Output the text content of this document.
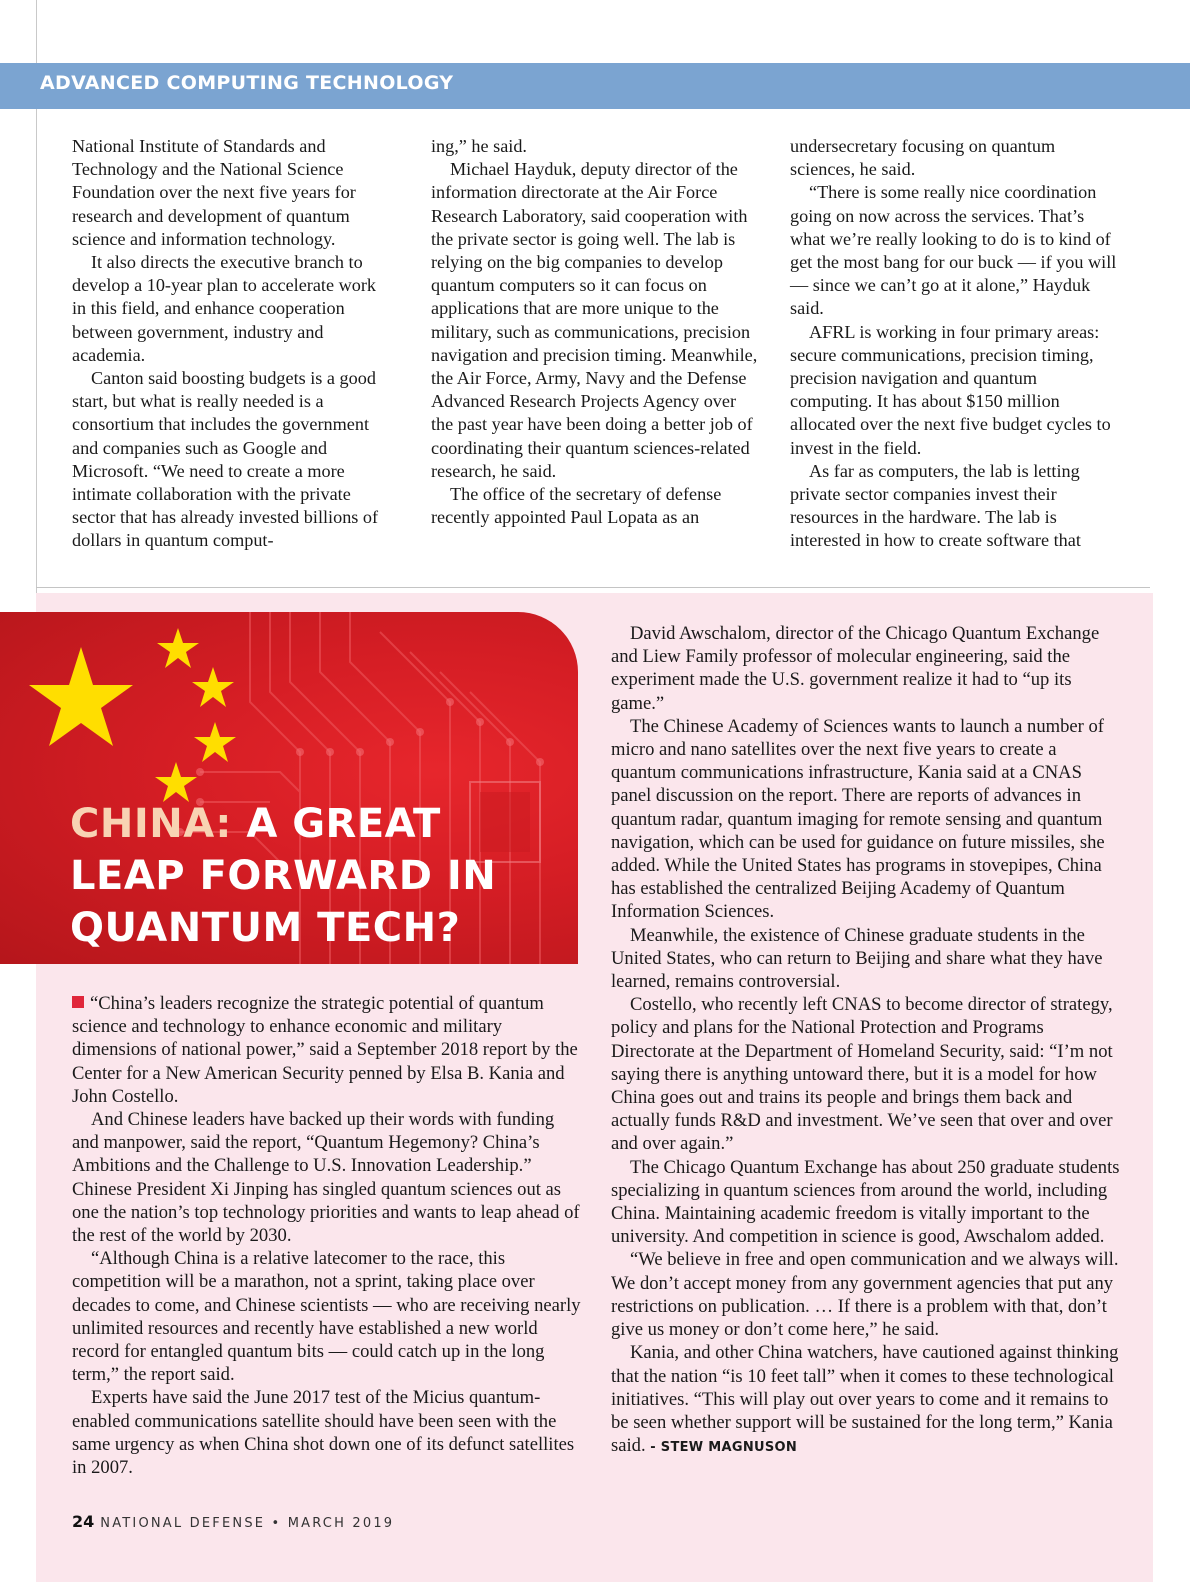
ADVANCED COMPUTING TECHNOLOGY

National Institute of Standards and Technology and the National Science Foundation over the next five years for research and development of quantum science and information technology.

It also directs the executive branch to develop a 10-year plan to accelerate work in this field, and enhance cooperation between government, industry and academia.

Canton said boosting budgets is a good start, but what is really needed is a consortium that includes the government and companies such as Google and Microsoft. “We need to create a more intimate collaboration with the private sector that has already invested billions of dollars in quantum comput-

ing,” he said.

Michael Hayduk, deputy director of the information directorate at the Air Force Research Laboratory, said cooperation with the private sector is going well. The lab is relying on the big companies to develop quantum computers so it can focus on applications that are more unique to the military, such as communications, precision navigation and precision timing. Meanwhile, the Air Force, Army, Navy and the Defense Advanced Research Projects Agency over the past year have been doing a better job of coordinating their quantum sciences-related research, he said.

The office of the secretary of defense recently appointed Paul Lopata as an

undersecretary focusing on quantum sciences, he said.

“There is some really nice coordination going on now across the services. That’s what we’re really looking to do is to kind of get the most bang for our buck — if you will — since we can’t go at it alone,” Hayduk said.

AFRL is working in four primary areas: secure communications, precision timing, precision navigation and quantum computing. It has about $150 million allocated over the next five budget cycles to invest in the field.

As far as computers, the lab is letting private sector companies invest their resources in the hardware. The lab is interested in how to create software that

CHINA: A GREAT LEAP FORWARD IN QUANTUM TECH?

“China’s leaders recognize the strategic potential of quantum science and technology to enhance economic and military dimensions of national power,” said a September 2018 report by the Center for a New American Security penned by Elsa B. Kania and John Costello.

And Chinese leaders have backed up their words with funding and manpower, said the report, “Quantum Hegemony? China’s Ambitions and the Challenge to U.S. Innovation Leadership.” Chinese President Xi Jinping has singled quantum sciences out as one the nation’s top technology priorities and wants to leap ahead of the rest of the world by 2030.

“Although China is a relative latecomer to the race, this competition will be a marathon, not a sprint, taking place over decades to come, and Chinese scientists — who are receiving nearly unlimited resources and recently have established a new world record for entangled quantum bits — could catch up in the long term,” the report said.

Experts have said the June 2017 test of the Micius quantum-enabled communications satellite should have been seen with the same urgency as when China shot down one of its defunct satellites in 2007.

David Awschalom, director of the Chicago Quantum Exchange and Liew Family professor of molecular engineering, said the experiment made the U.S. government realize it had to “up its game.”

The Chinese Academy of Sciences wants to launch a number of micro and nano satellites over the next five years to create a quantum communications infrastructure, Kania said at a CNAS panel discussion on the report. There are reports of advances in quantum radar, quantum imaging for remote sensing and quantum navigation, which can be used for guidance on future missiles, she added. While the United States has programs in stovepipes, China has established the centralized Beijing Academy of Quantum Information Sciences.

Meanwhile, the existence of Chinese graduate students in the United States, who can return to Beijing and share what they have learned, remains controversial.

Costello, who recently left CNAS to become director of strategy, policy and plans for the National Protection and Programs Directorate at the Department of Homeland Security, said: “I’m not saying there is anything untoward there, but it is a model for how China goes out and trains its people and brings them back and actually funds R&D and investment. We’ve seen that over and over and over again.”

The Chicago Quantum Exchange has about 250 graduate students specializing in quantum sciences from around the world, including China. Maintaining academic freedom is vitally important to the university. And competition in science is good, Awschalom added.

“We believe in free and open communication and we always will. We don’t accept money from any government agencies that put any restrictions on publication. … If there is a problem with that, don’t give us money or don’t come here,” he said.

Kania, and other China watchers, have cautioned against thinking that the nation “is 10 feet tall” when it comes to these technological initiatives. “This will play out over years to come and it remains to be seen whether support will be sustained for the long term,” Kania said. - STEW MAGNUSON

24 NATIONAL DEFENSE • MARCH 2019
